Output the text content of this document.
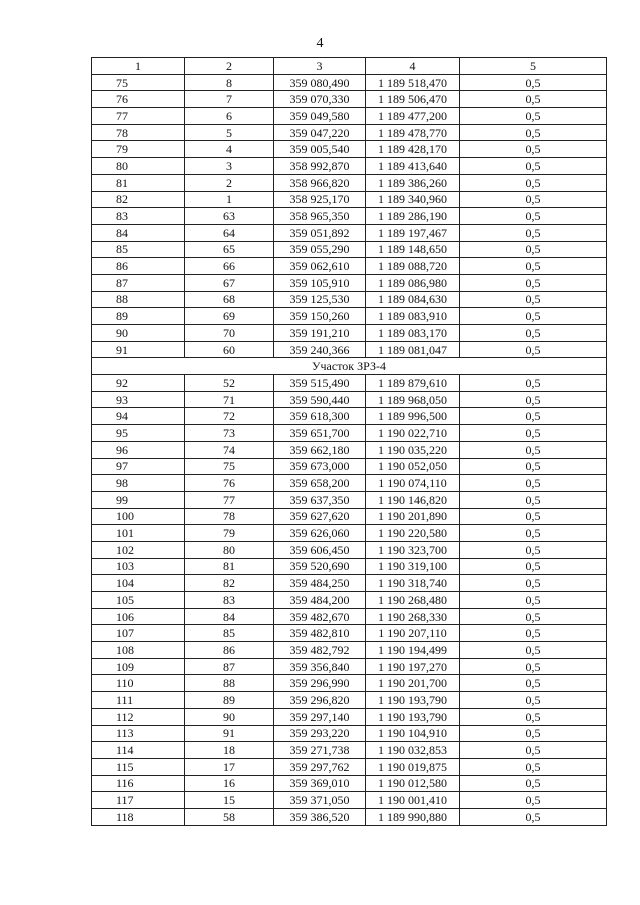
4
1	2	3	4	5
75	8	359 080,490	1 189 518,470	0,5
76	7	359 070,330	1 189 506,470	0,5
77	6	359 049,580	1 189 477,200	0,5
78	5	359 047,220	1 189 478,770	0,5
79	4	359 005,540	1 189 428,170	0,5
80	3	358 992,870	1 189 413,640	0,5
81	2	358 966,820	1 189 386,260	0,5
82	1	358 925,170	1 189 340,960	0,5
83	63	358 965,350	1 189 286,190	0,5
84	64	359 051,892	1 189 197,467	0,5
85	65	359 055,290	1 189 148,650	0,5
86	66	359 062,610	1 189 088,720	0,5
87	67	359 105,910	1 189 086,980	0,5
88	68	359 125,530	1 189 084,630	0,5
89	69	359 150,260	1 189 083,910	0,5
90	70	359 191,210	1 189 083,170	0,5
91	60	359 240,366	1 189 081,047	0,5
Участок ЗРЗ-4				
92	52	359 515,490	1 189 879,610	0,5
93	71	359 590,440	1 189 968,050	0,5
94	72	359 618,300	1 189 996,500	0,5
95	73	359 651,700	1 190 022,710	0,5
96	74	359 662,180	1 190 035,220	0,5
97	75	359 673,000	1 190 052,050	0,5
98	76	359 658,200	1 190 074,110	0,5
99	77	359 637,350	1 190 146,820	0,5
100	78	359 627,620	1 190 201,890	0,5
101	79	359 626,060	1 190 220,580	0,5
102	80	359 606,450	1 190 323,700	0,5
103	81	359 520,690	1 190 319,100	0,5
104	82	359 484,250	1 190 318,740	0,5
105	83	359 484,200	1 190 268,480	0,5
106	84	359 482,670	1 190 268,330	0,5
107	85	359 482,810	1 190 207,110	0,5
108	86	359 482,792	1 190 194,499	0,5
109	87	359 356,840	1 190 197,270	0,5
110	88	359 296,990	1 190 201,700	0,5
111	89	359 296,820	1 190 193,790	0,5
112	90	359 297,140	1 190 193,790	0,5
113	91	359 293,220	1 190 104,910	0,5
114	18	359 271,738	1 190 032,853	0,5
115	17	359 297,762	1 190 019,875	0,5
116	16	359 369,010	1 190 012,580	0,5
117	15	359 371,050	1 190 001,410	0,5
118	58	359 386,520	1 189 990,880	0,5
